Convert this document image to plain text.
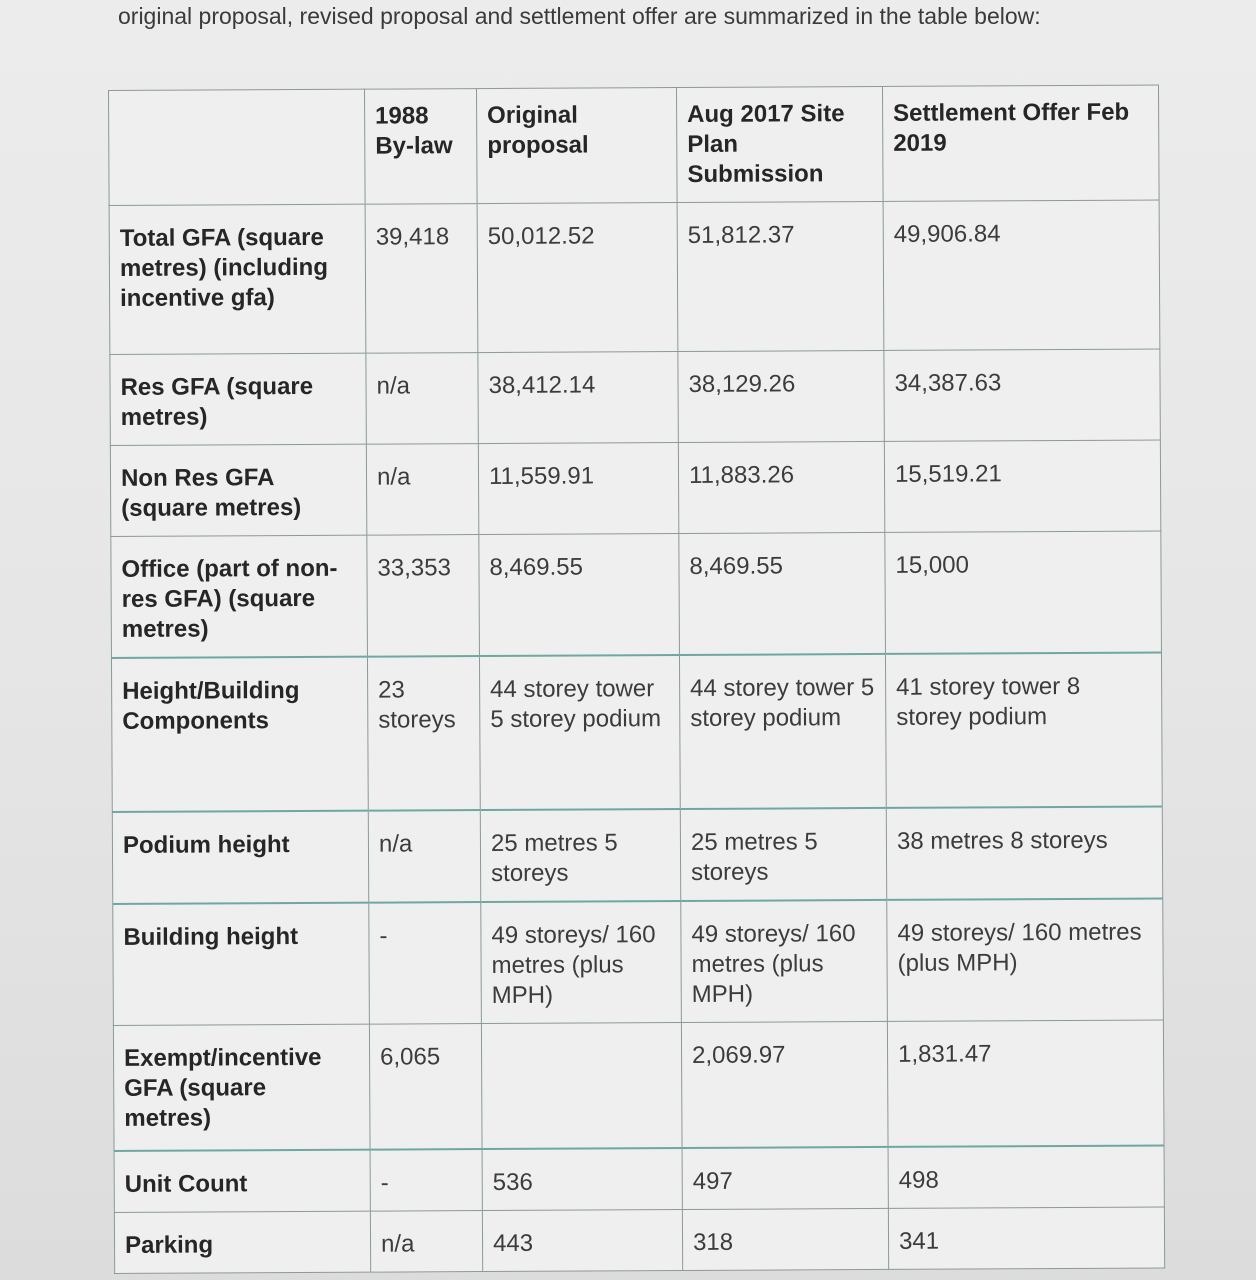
original proposal, revised proposal and settlement offer are summarized in the table below:
	1988 By-law	Original proposal	Aug 2017 Site Plan Submission	Settlement Offer Feb 2019
Total GFA (square metres) (including incentive gfa)	39,418	50,012.52	51,812.37	49,906.84
Res GFA (square metres)	n/a	38,412.14	38,129.26	34,387.63
Non Res GFA (square metres)	n/a	11,559.91	11,883.26	15,519.21
Office (part of non-res GFA) (square metres)	33,353	8,469.55	8,469.55	15,000
Height/Building Components	23 storeys	44 storey tower 5 storey podium	44 storey tower 5 storey podium	41 storey tower 8 storey podium
Podium height	n/a	25 metres 5 storeys	25 metres 5 storeys	38 metres 8 storeys
Building height	-	49 storeys/ 160 metres (plus MPH)	49 storeys/ 160 metres (plus MPH)	49 storeys/ 160 metres (plus MPH)
Exempt/incentive GFA (square metres)	6,065		2,069.97	1,831.47
Unit Count	-	536	497	498
Parking	n/a	443	318	341
